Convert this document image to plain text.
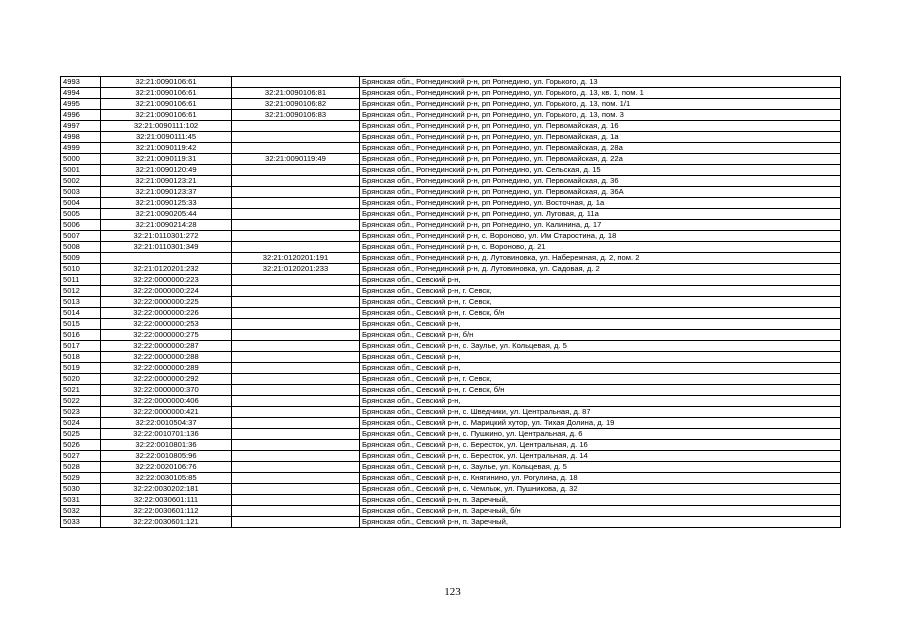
4993	32:21:0090106:61		Брянская обл., Рогнединский р-н, рп Рогнедино, ул. Горького, д. 13
4994	32:21:0090106:61	32:21:0090106:81	Брянская обл., Рогнединский р-н, рп Рогнедино, ул. Горького, д. 13, кв. 1, пом. 1
4995	32:21:0090106:61	32:21:0090106:82	Брянская обл., Рогнединский р-н, рп Рогнедино, ул. Горького, д. 13, пом. 1/1
4996	32:21:0090106:61	32:21:0090106:83	Брянская обл., Рогнединский р-н, рп Рогнедино, ул. Горького, д. 13, пом. 3
4997	32:21:0090111:102		Брянская обл., Рогнединский р-н, рп Рогнедино, ул. Первомайская, д. 16
4998	32:21:0090111:45		Брянская обл., Рогнединский р-н, рп Рогнедино, ул. Первомайская, д. 1а
4999	32:21:0090119:42		Брянская обл., Рогнединский р-н, рп Рогнедино, ул. Первомайская, д. 28а
5000	32:21:0090119:31	32:21:0090119:49	Брянская обл., Рогнединский р-н, рп Рогнедино, ул. Первомайская, д. 22а
5001	32:21:0090120:49		Брянская обл., Рогнединский р-н, рп Рогнедино, ул. Сельская, д. 15
5002	32:21:0090123:21		Брянская обл., Рогнединский р-н, рп Рогнедино, ул. Первомайская, д. 36
5003	32:21:0090123:37		Брянская обл., Рогнединский р-н, рп Рогнедино, ул. Первомайская, д. 36А
5004	32:21:0090125:33		Брянская обл., Рогнединский р-н, рп Рогнедино, ул. Восточная, д. 1а
5005	32:21:0090205:44		Брянская обл., Рогнединский р-н, рп Рогнедино, ул. Луговая, д. 11а
5006	32:21:0090214:28		Брянская обл., Рогнединский р-н, рп Рогнедино, ул. Калинина, д. 17
5007	32:21:0110301:272		Брянская обл., Рогнединский р-н, с. Вороново, ул. Им Старостина, д. 18
5008	32:21:0110301:349		Брянская обл., Рогнединский р-н, с. Вороново, д. 21
5009		32:21:0120201:191	Брянская обл., Рогнединский р-н, д. Лутовиновка, ул. Набережная, д. 2, пом. 2
5010	32:21:0120201:232	32:21:0120201:233	Брянская обл., Рогнединский р-н, д. Лутовиновка, ул. Садовая, д. 2
5011	32:22:0000000:223		Брянская обл., Севский р-н,
5012	32:22:0000000:224		Брянская обл., Севский р-н, г. Севск,
5013	32:22:0000000:225		Брянская обл., Севский р-н, г. Севск,
5014	32:22:0000000:226		Брянская обл., Севский р-н, г. Севск, б/н
5015	32:22:0000000:253		Брянская обл., Севский р-н,
5016	32:22:0000000:275		Брянская обл., Севский р-н, б/н
5017	32:22:0000000:287		Брянская обл., Севский р-н, с. Заулье, ул. Кольцевая, д. 5
5018	32:22:0000000:288		Брянская обл., Севский р-н,
5019	32:22:0000000:289		Брянская обл., Севский р-н,
5020	32:22:0000000:292		Брянская обл., Севский р-н, г. Севск,
5021	32:22:0000000:370		Брянская обл., Севский р-н, г. Севск, б/н
5022	32:22:0000000:406		Брянская обл., Севский р-н,
5023	32:22:0000000:421		Брянская обл., Севский р-н, с. Шведчики, ул. Центральная, д. 87
5024	32:22:0010504:37		Брянская обл., Севский р-н, с. Марицкий хутор, ул. Тихая Долина, д. 19
5025	32:22:0010701:136		Брянская обл., Севский р-н, с. Пушкино, ул. Центральная, д. 6
5026	32:22:0010801:36		Брянская обл., Севский р-н, с. Бересток, ул. Центральная, д. 16
5027	32:22:0010805:96		Брянская обл., Севский р-н, с. Бересток, ул. Центральная, д. 14
5028	32:22:0020106:76		Брянская обл., Севский р-н, с. Заулье, ул. Кольцевая, д. 5
5029	32:22:0030105:85		Брянская обл., Севский р-н, с. Княгинино, ул. Рогулина, д. 18
5030	32:22:0030202:181		Брянская обл., Севский р-н, с. Чемлыж, ул. Пушникова, д. 32
5031	32:22:0030601:111		Брянская обл., Севский р-н, п. Заречный,
5032	32:22:0030601:112		Брянская обл., Севский р-н, п. Заречный, б/н
5033	32:22:0030601:121		Брянская обл., Севский р-н, п. Заречный,
123
